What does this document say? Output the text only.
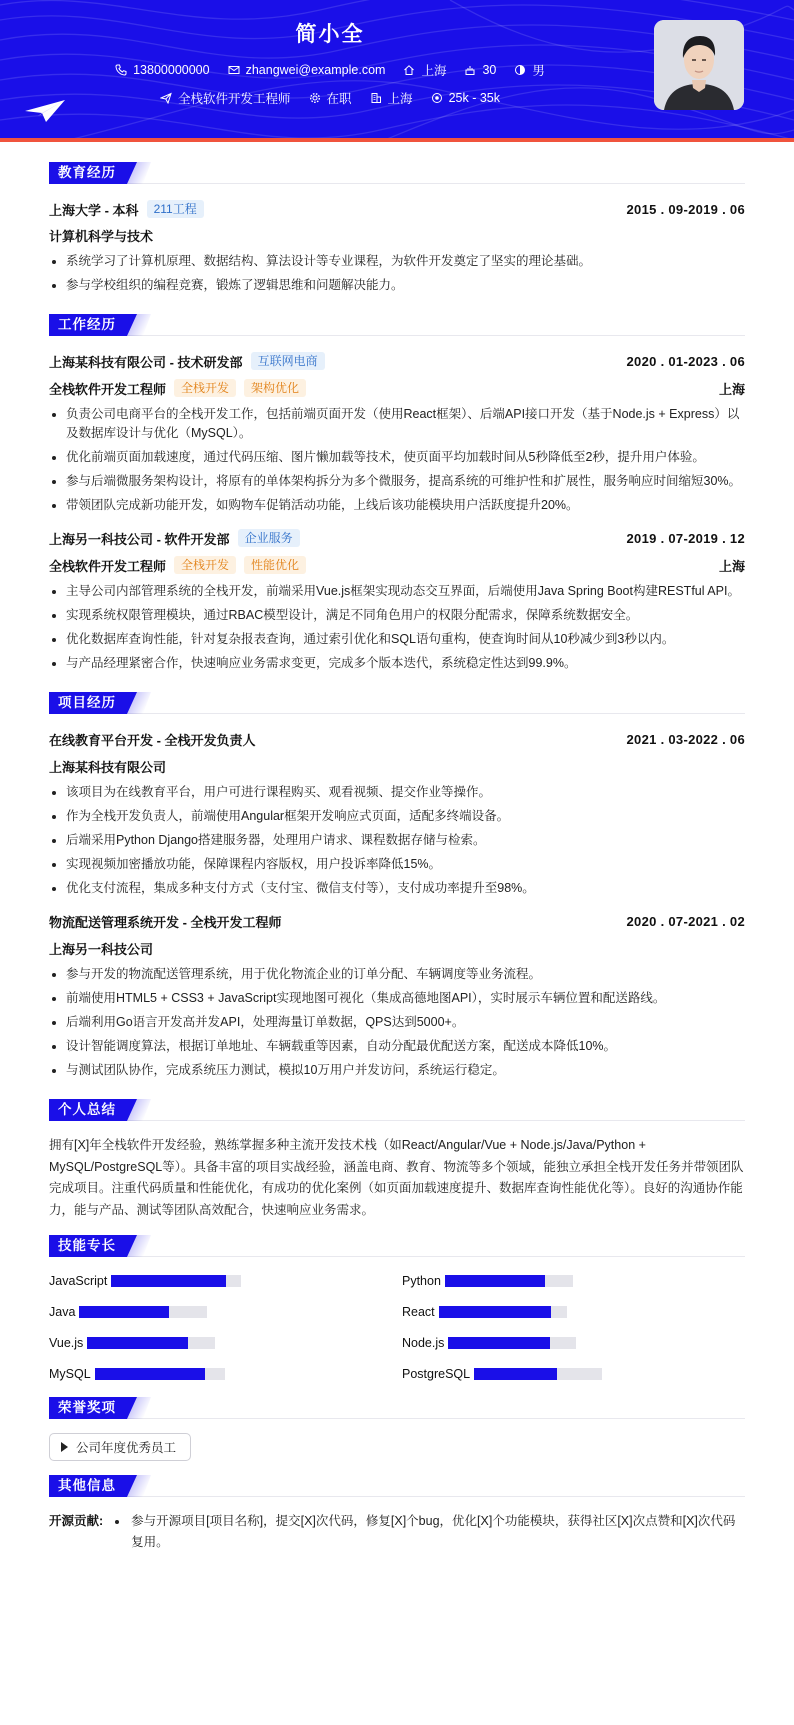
简小全
13800000000	zhangwei@example.com	上海	30	男
全栈软件开发工程师	在职	上海	25k - 35k
教育经历
上海大学 - 本科	211工程	2015 . 09-2019 . 06
计算机科学与技术
系统学习了计算机原理、数据结构、算法设计等专业课程，为软件开发奠定了坚实的理论基础。
参与学校组织的编程竞赛，锻炼了逻辑思维和问题解决能力。
工作经历
上海某科技有限公司 - 技术研发部	互联网电商	2020 . 01-2023 . 06
全栈软件开发工程师	全栈开发	架构优化	上海
负责公司电商平台的全栈开发工作，包括前端页面开发（使用React框架）、后端API接口开发（基于Node.js + Express）以及数据库设计与优化（MySQL）。
优化前端页面加载速度，通过代码压缩、图片懒加载等技术，使页面平均加载时间从5秒降低至2秒，提升用户体验。
参与后端微服务架构设计，将原有的单体架构拆分为多个微服务，提高系统的可维护性和扩展性，服务响应时间缩短30%。
带领团队完成新功能开发，如购物车促销活动功能，上线后该功能模块用户活跃度提升20%。
上海另一科技公司 - 软件开发部	企业服务	2019 . 07-2019 . 12
全栈软件开发工程师	全栈开发	性能优化	上海
主导公司内部管理系统的全栈开发，前端采用Vue.js框架实现动态交互界面，后端使用Java Spring Boot构建RESTful API。
实现系统权限管理模块，通过RBAC模型设计，满足不同角色用户的权限分配需求，保障系统数据安全。
优化数据库查询性能，针对复杂报表查询，通过索引优化和SQL语句重构，使查询时间从10秒减少到3秒以内。
与产品经理紧密合作，快速响应业务需求变更，完成多个版本迭代，系统稳定性达到99.9%。
项目经历
在线教育平台开发 - 全栈开发负责人	2021 . 03-2022 . 06
上海某科技有限公司
该项目为在线教育平台，用户可进行课程购买、观看视频、提交作业等操作。
作为全栈开发负责人，前端使用Angular框架开发响应式页面，适配多终端设备。
后端采用Python Django搭建服务器，处理用户请求、课程数据存储与检索。
实现视频加密播放功能，保障课程内容版权，用户投诉率降低15%。
优化支付流程，集成多种支付方式（支付宝、微信支付等），支付成功率提升至98%。
物流配送管理系统开发 - 全栈开发工程师	2020 . 07-2021 . 02
上海另一科技公司
参与开发的物流配送管理系统，用于优化物流企业的订单分配、车辆调度等业务流程。
前端使用HTML5 + CSS3 + JavaScript实现地图可视化（集成高德地图API），实时展示车辆位置和配送路线。
后端利用Go语言开发高并发API，处理海量订单数据，QPS达到5000+。
设计智能调度算法，根据订单地址、车辆载重等因素，自动分配最优配送方案，配送成本降低10%。
与测试团队协作，完成系统压力测试，模拟10万用户并发访问，系统运行稳定。
个人总结
拥有[X]年全栈软件开发经验，熟练掌握多种主流开发技术栈（如React/Angular/Vue + Node.js/Java/Python + MySQL/PostgreSQL等）。具备丰富的项目实战经验，涵盖电商、教育、物流等多个领域，能独立承担全栈开发任务并带领团队完成项目。注重代码质量和性能优化，有成功的优化案例（如页面加载速度提升、数据库查询性能优化等）。良好的沟通协作能力，能与产品、测试等团队高效配合，快速响应业务需求。
技能专长
JavaScript	Python
Java	React
Vue.js	Node.js
MySQL	PostgreSQL
荣誉奖项
公司年度优秀员工
其他信息
开源贡献:	参与开源项目[项目名称]，提交[X]次代码，修复[X]个bug，优化[X]个功能模块，获得社区[X]次点赞和[X]次代码复用。
